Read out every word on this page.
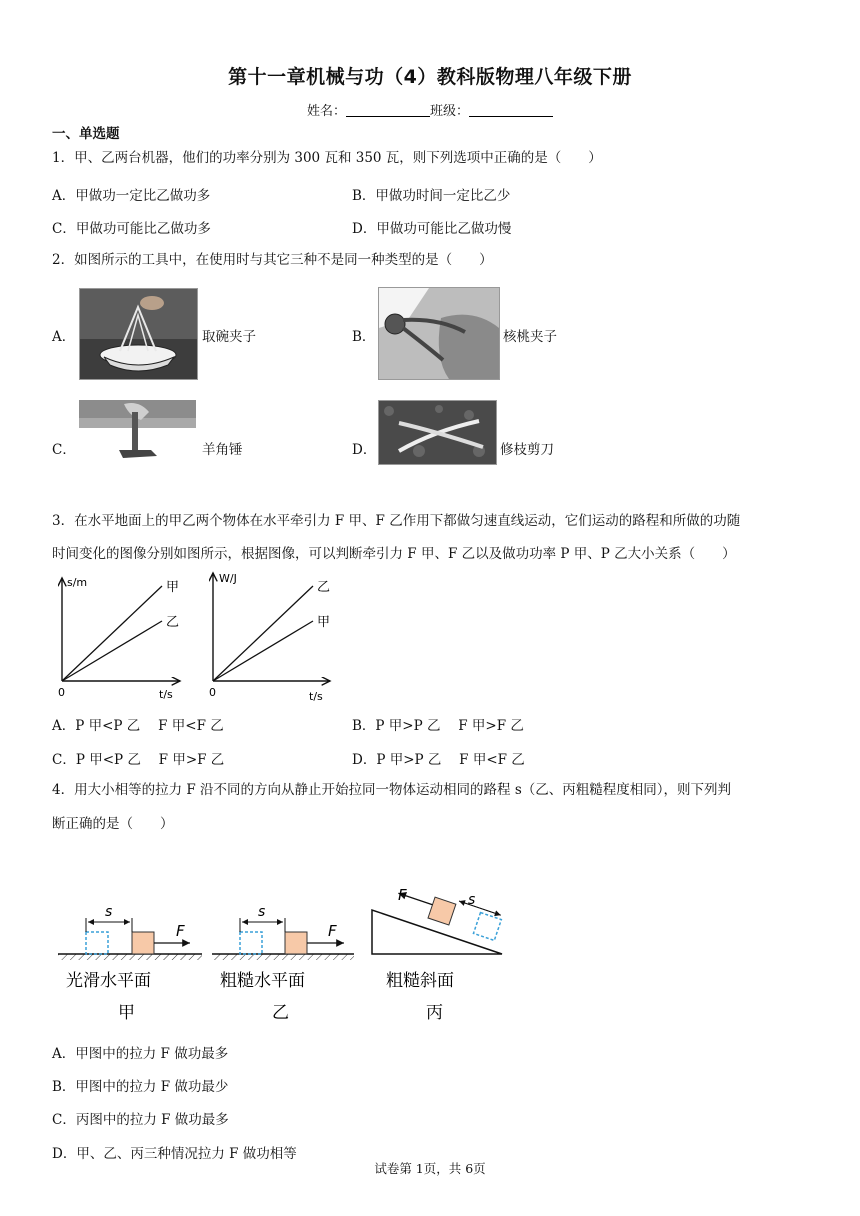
第十一章机械与功（4）教科版物理八年级下册
姓名：	班级：
一、单选题
1．甲、乙两台机器，他们的功率分别为 300 瓦和 350 瓦，则下列选项中正确的是（　　）
A．甲做功一定比乙做功多	B．甲做功时间一定比乙少
C．甲做功可能比乙做功多	D．甲做功可能比乙做功慢
2．如图所示的工具中，在使用时与其它三种不是同一种类型的是（　　）
A．	取碗夹子	B．	核桃夹子
C．	羊角锤	D．	修枝剪刀
3．在水平地面上的甲乙两个物体在水平牵引力 F 甲、F 乙作用下都做匀速直线运动，它们运动的路程和所做的功随
时间变化的图像分别如图所示，根据图像，可以判断牵引力 F 甲、F 乙以及做功功率 P 甲、P 乙大小关系（　　）
s/m
t/s
0
甲
乙
W/J
t/s
0
乙
甲
A．P 甲<P 乙　 F 甲<F 乙	B．P 甲>P 乙　 F 甲>F 乙
C．P 甲<P 乙　 F 甲>F 乙	D．P 甲>P 乙　 F 甲<F 乙
4．用大小相等的拉力 F 沿不同的方向从静止开始拉同一物体运动相同的路程 s（乙、丙粗糙程度相同），则下列判
断正确的是（　　）
F
s
光滑水平面
甲
F
s
粗糙水平面
乙
F	s
粗糙斜面
丙
A．甲图中的拉力 F 做功最多
B．甲图中的拉力 F 做功最少
C．丙图中的拉力 F 做功最多
D．甲、乙、丙三种情况拉力 F 做功相等
试卷第 1页，共 6页
